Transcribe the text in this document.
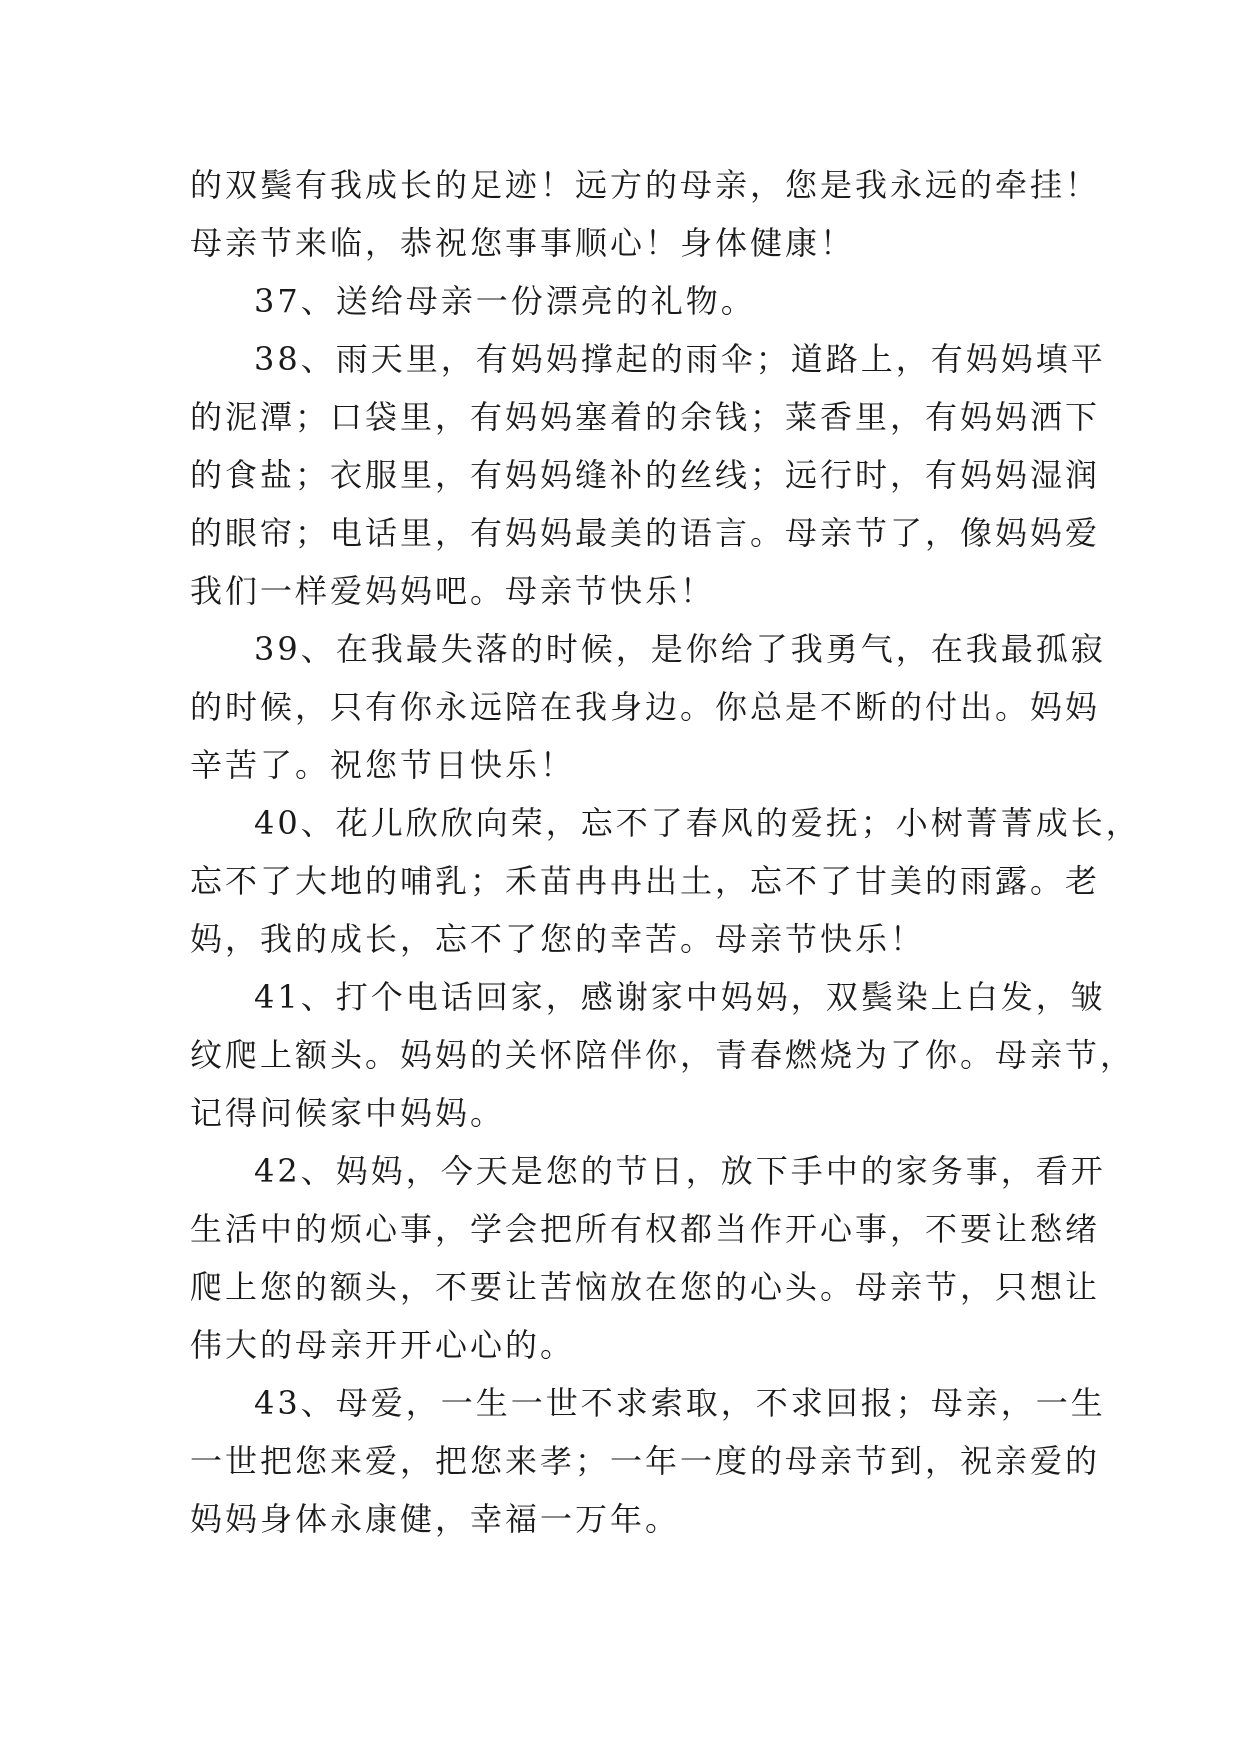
的双鬓有我成长的足迹！远方的母亲，您是我永远的牵挂！
母亲节来临，恭祝您事事顺心！身体健康！
37、送给母亲一份漂亮的礼物。
38、雨天里，有妈妈撑起的雨伞；道路上，有妈妈填平
的泥潭；口袋里，有妈妈塞着的余钱；菜香里，有妈妈洒下
的食盐；衣服里，有妈妈缝补的丝线；远行时，有妈妈湿润
的眼帘；电话里，有妈妈最美的语言。母亲节了，像妈妈爱
我们一样爱妈妈吧。母亲节快乐！
39、在我最失落的时候，是你给了我勇气，在我最孤寂
的时候，只有你永远陪在我身边。你总是不断的付出。妈妈
辛苦了。祝您节日快乐！
40、花儿欣欣向荣，忘不了春风的爱抚；小树菁菁成长，
忘不了大地的哺乳；禾苗冉冉出土，忘不了甘美的雨露。老
妈，我的成长，忘不了您的幸苦。母亲节快乐！
41、打个电话回家，感谢家中妈妈，双鬓染上白发，皱
纹爬上额头。妈妈的关怀陪伴你，青春燃烧为了你。母亲节，
记得问候家中妈妈。
42、妈妈，今天是您的节日，放下手中的家务事，看开
生活中的烦心事，学会把所有权都当作开心事，不要让愁绪
爬上您的额头，不要让苦恼放在您的心头。母亲节，只想让
伟大的母亲开开心心的。
43、母爱，一生一世不求索取，不求回报；母亲，一生
一世把您来爱，把您来孝；一年一度的母亲节到，祝亲爱的
妈妈身体永康健，幸福一万年。
